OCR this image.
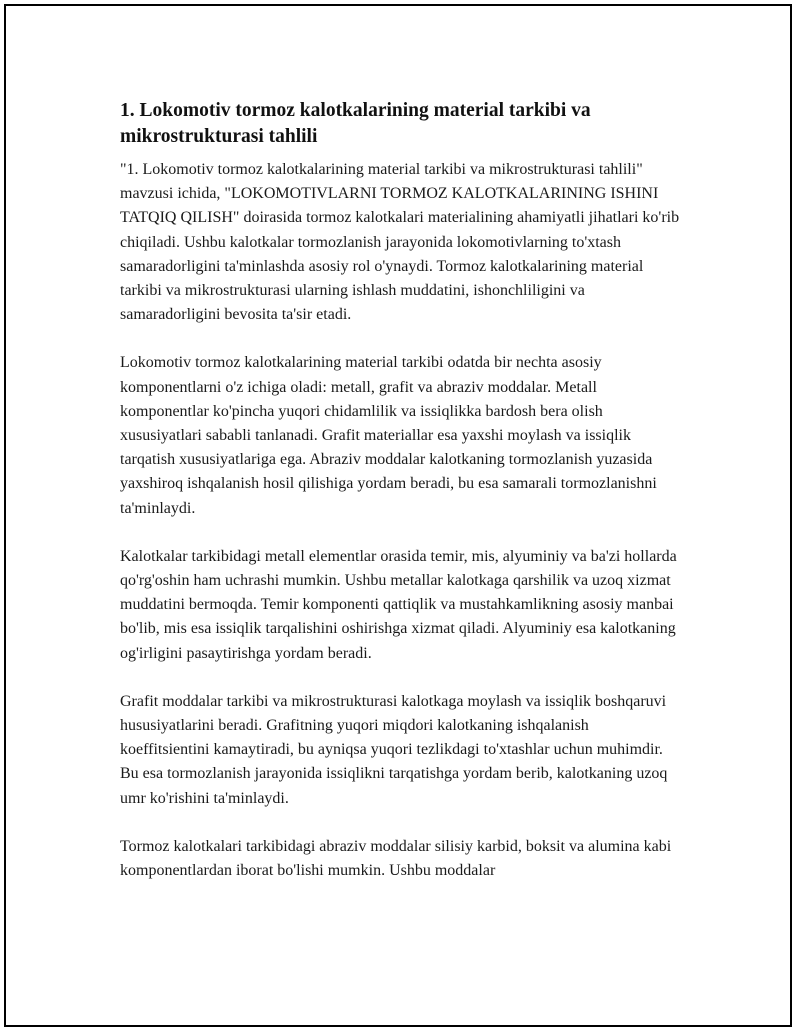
1. Lokomotiv tormoz kalotkalarining material tarkibi va mikrostrukturasi tahlili

"1. Lokomotiv tormoz kalotkalarining material tarkibi va mikrostrukturasi tahlili" mavzusi ichida, "LOKOMOTIVLARNI TORMOZ KALOTKALARINING ISHINI TATQIQ QILISH" doirasida tormoz kalotkalari materialining ahamiyatli jihatlari ko'rib chiqiladi. Ushbu kalotkalar tormozlanish jarayonida lokomotivlarning to'xtash samaradorligini ta'minlashda asosiy rol o'ynaydi. Tormoz kalotkalarining material tarkibi va mikrostrukturasi ularning ishlash muddatini, ishonchliligini va samaradorligini bevosita ta'sir etadi.

Lokomotiv tormoz kalotkalarining material tarkibi odatda bir nechta asosiy komponentlarni o'z ichiga oladi: metall, grafit va abraziv moddalar. Metall komponentlar ko'pincha yuqori chidamlilik va issiqlikka bardosh bera olish xususiyatlari sababli tanlanadi. Grafit materiallar esa yaxshi moylash va issiqlik tarqatish xususiyatlariga ega. Abraziv moddalar kalotkaning tormozlanish yuzasida yaxshiroq ishqalanish hosil qilishiga yordam beradi, bu esa samarali tormozlanishni ta'minlaydi.

Kalotkalar tarkibidagi metall elementlar orasida temir, mis, alyuminiy va ba'zi hollarda qo'rg'oshin ham uchrashi mumkin. Ushbu metallar kalotkaga qarshilik va uzoq xizmat muddatini bermoqda. Temir komponenti qattiqlik va mustahkamlikning asosiy manbai bo'lib, mis esa issiqlik tarqalishini oshirishga xizmat qiladi. Alyuminiy esa kalotkaning og'irligini pasaytirishga yordam beradi.

Grafit moddalar tarkibi va mikrostrukturasi kalotkaga moylash va issiqlik boshqaruvi hususiyatlarini beradi. Grafitning yuqori miqdori kalotkaning ishqalanish koeffitsientini kamaytiradi, bu ayniqsa yuqori tezlikdagi to'xtashlar uchun muhimdir. Bu esa tormozlanish jarayonida issiqlikni tarqatishga yordam berib, kalotkaning uzoq umr ko'rishini ta'minlaydi.

Tormoz kalotkalari tarkibidagi abraziv moddalar silisiy karbid, boksit va alumina kabi komponentlardan iborat bo'lishi mumkin. Ushbu moddalar
